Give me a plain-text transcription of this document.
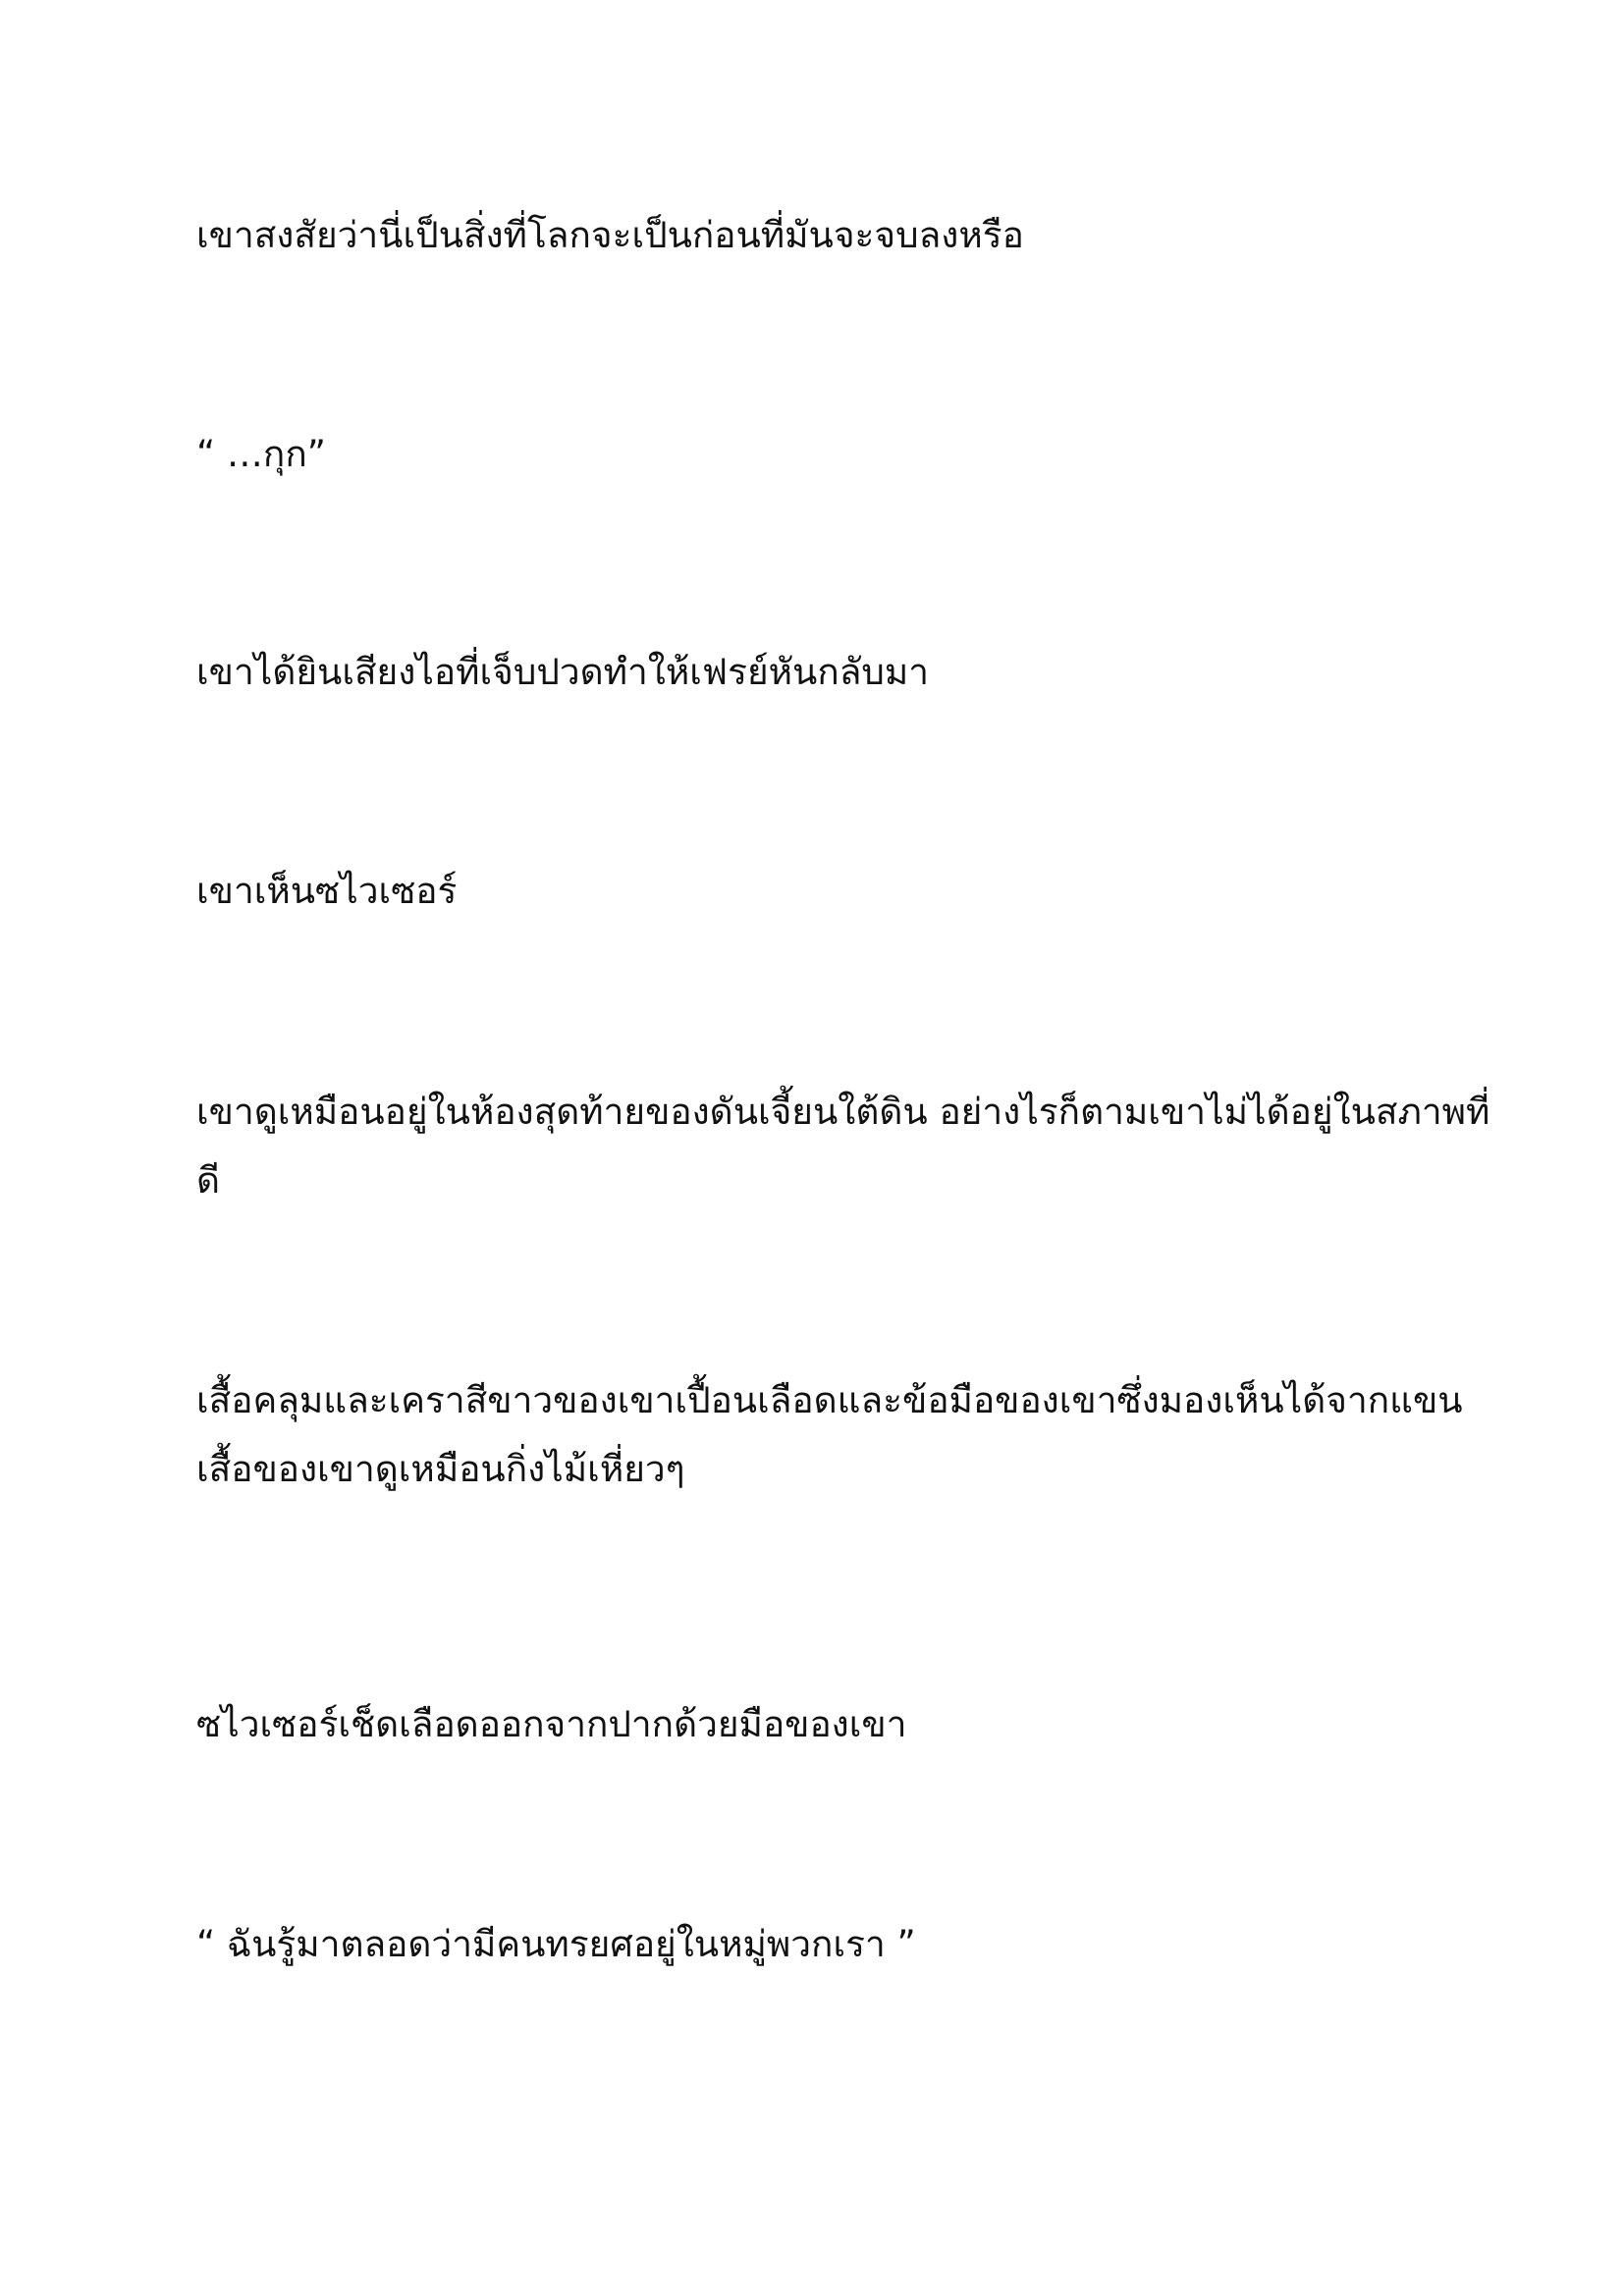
เขาสงสัยว่านี่เป็นสิ่งที่โลกจะเป็นก่อนที่มันจะจบลงหรือ

“ …กุก”

เขาได้ยินเสียงไอที่เจ็บปวดทำให้เฟรย์หันกลับมา

เขาเห็นซไวเซอร์

เขาดูเหมือนอยู่ในห้องสุดท้ายของดันเจี้ยนใต้ดิน อย่างไรก็ตามเขาไม่ได้อยู่ในสภาพที่
ดี

เสื้อคลุมและเคราสีขาวของเขาเปื้อนเลือดและข้อมือของเขาซึ่งมองเห็นได้จากแขน
เสื้อของเขาดูเหมือนกิ่งไม้เหี่ยวๆ

ซไวเซอร์เช็ดเลือดออกจากปากด้วยมือของเขา

“ ฉันรู้มาตลอดว่ามีคนทรยศอยู่ในหมู่พวกเรา ”
